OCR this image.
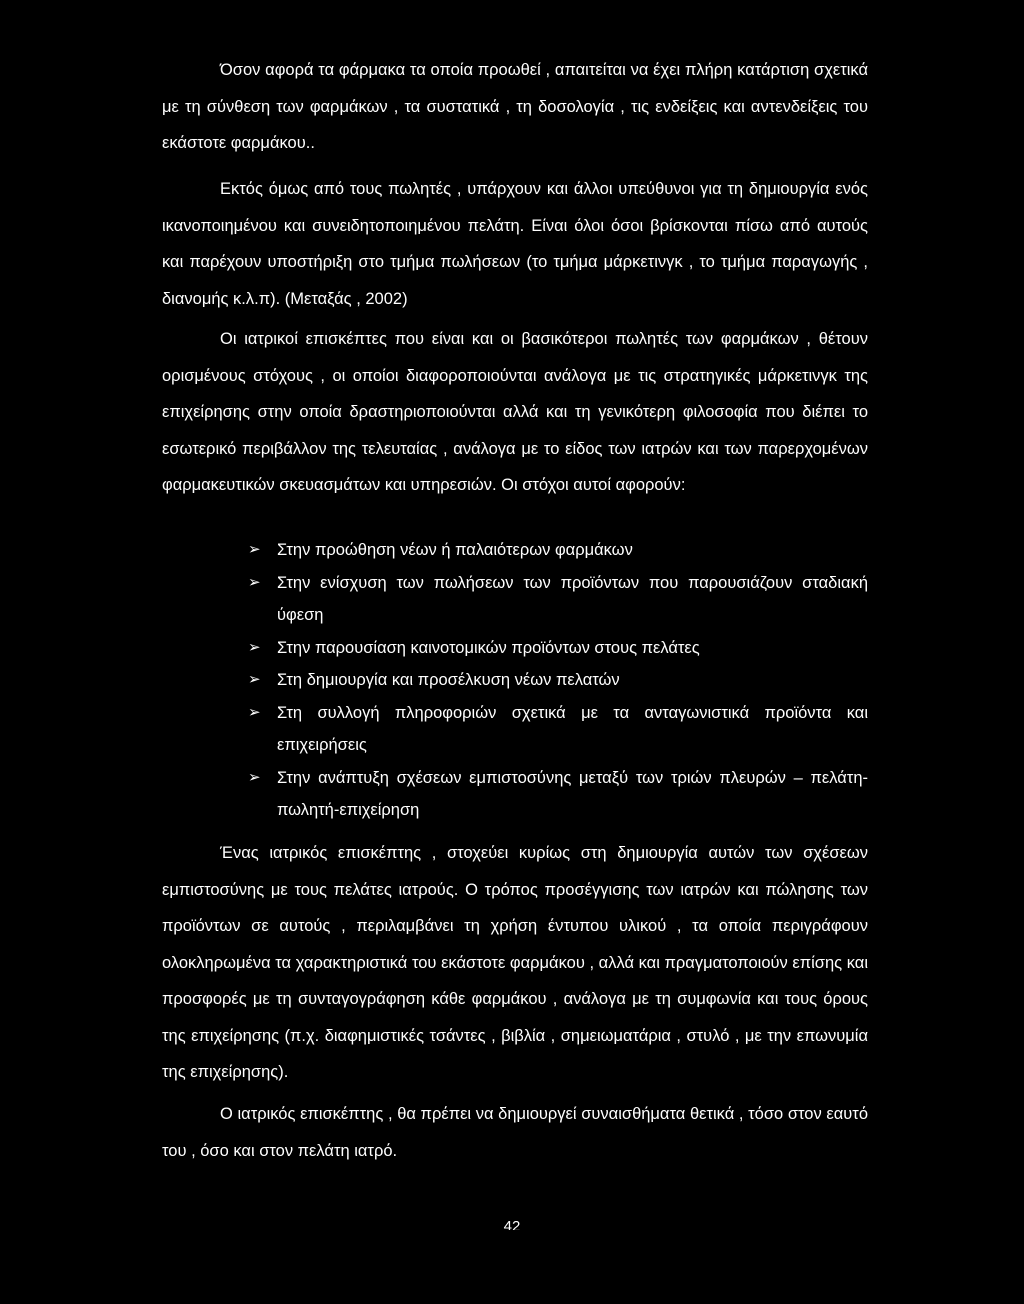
Όσον αφορά τα φάρμακα τα οποία προωθεί , απαιτείται να έχει πλήρη κατάρτιση σχετικά με τη σύνθεση των φαρμάκων , τα συστατικά , τη δοσολογία , τις ενδείξεις και αντενδείξεις του εκάστοτε φαρμάκου..

Εκτός όμως από τους πωλητές , υπάρχουν και άλλοι υπεύθυνοι για τη δημιουργία ενός ικανοποιημένου και συνειδητοποιημένου πελάτη. Είναι όλοι όσοι βρίσκονται πίσω από αυτούς και παρέχουν υποστήριξη στο τμήμα πωλήσεων (το τμήμα μάρκετινγκ , το τμήμα παραγωγής , διανομής κ.λ.π). (Μεταξάς , 2002)

Οι ιατρικοί επισκέπτες που είναι και οι βασικότεροι πωλητές των φαρμάκων , θέτουν ορισμένους στόχους , οι οποίοι διαφοροποιούνται ανάλογα με τις στρατηγικές μάρκετινγκ της επιχείρησης στην οποία δραστηριοποιούνται αλλά και τη γενικότερη φιλοσοφία που διέπει το εσωτερικό περιβάλλον της τελευταίας , ανάλογα με το είδος των ιατρών και των παρερχομένων φαρμακευτικών σκευασμάτων και υπηρεσιών. Οι στόχοι αυτοί αφορούν:

➢ Στην προώθηση νέων ή παλαιότερων φαρμάκων
➢ Στην ενίσχυση των πωλήσεων των προϊόντων που παρουσιάζουν σταδιακή ύφεση
➢ Στην παρουσίαση καινοτομικών προϊόντων στους πελάτες
➢ Στη δημιουργία και προσέλκυση νέων πελατών
➢ Στη συλλογή πληροφοριών σχετικά με τα ανταγωνιστικά προϊόντα και επιχειρήσεις
➢ Στην ανάπτυξη σχέσεων εμπιστοσύνης μεταξύ των τριών πλευρών – πελάτη- πωλητή-επιχείρηση

Ένας ιατρικός επισκέπτης , στοχεύει κυρίως στη δημιουργία αυτών των σχέσεων εμπιστοσύνης με τους πελάτες ιατρούς. Ο τρόπος προσέγγισης των ιατρών και πώλησης των προϊόντων σε αυτούς , περιλαμβάνει τη χρήση έντυπου υλικού , τα οποία περιγράφουν ολοκληρωμένα τα χαρακτηριστικά του εκάστοτε φαρμάκου , αλλά και πραγματοποιούν επίσης και προσφορές με τη συνταγογράφηση κάθε φαρμάκου , ανάλογα με τη συμφωνία και τους όρους της επιχείρησης (π.χ. διαφημιστικές τσάντες , βιβλία , σημειωματάρια , στυλό , με την επωνυμία της επιχείρησης).

Ο ιατρικός επισκέπτης , θα πρέπει να δημιουργεί συναισθήματα θετικά , τόσο στον εαυτό του , όσο και στον πελάτη ιατρό.

42
